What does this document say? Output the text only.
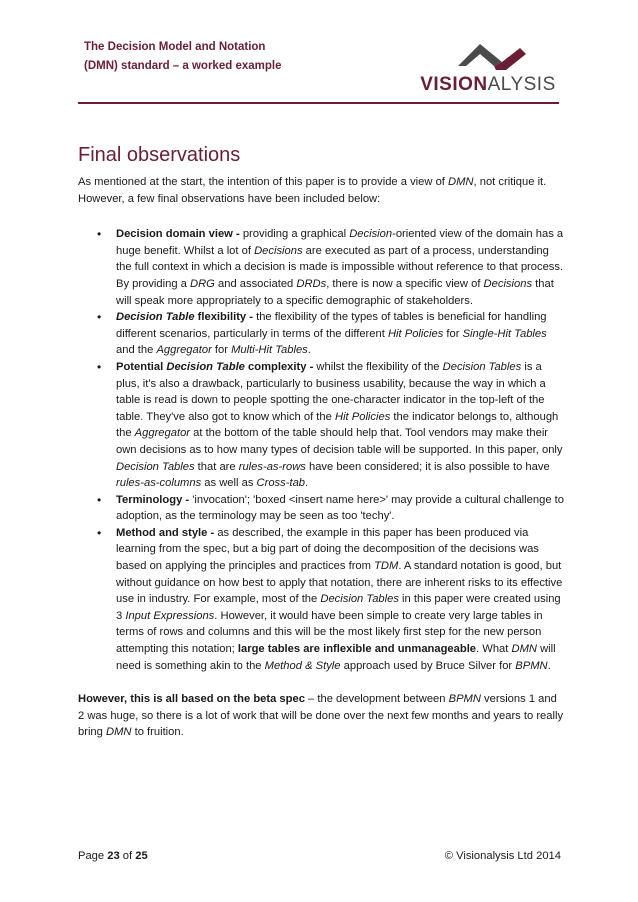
The Decision Model and Notation
(DMN) standard – a worked example
VISIONALYSIS
Final observations

As mentioned at the start, the intention of this paper is to provide a view of DMN, not critique it. However, a few final observations have been included below:

• Decision domain view - providing a graphical Decision-oriented view of the domain has a huge benefit. Whilst a lot of Decisions are executed as part of a process, understanding the full context in which a decision is made is impossible without reference to that process. By providing a DRG and associated DRDs, there is now a specific view of Decisions that will speak more appropriately to a specific demographic of stakeholders.
• Decision Table flexibility - the flexibility of the types of tables is beneficial for handling different scenarios, particularly in terms of the different Hit Policies for Single-Hit Tables and the Aggregator for Multi-Hit Tables.
• Potential Decision Table complexity - whilst the flexibility of the Decision Tables is a plus, it's also a drawback, particularly to business usability, because the way in which a table is read is down to people spotting the one-character indicator in the top-left of the table. They've also got to know which of the Hit Policies the indicator belongs to, although the Aggregator at the bottom of the table should help that. Tool vendors may make their own decisions as to how many types of decision table will be supported. In this paper, only Decision Tables that are rules-as-rows have been considered; it is also possible to have rules-as-columns as well as Cross-tab.
• Terminology - 'invocation'; 'boxed <insert name here>' may provide a cultural challenge to adoption, as the terminology may be seen as too 'techy'.
• Method and style - as described, the example in this paper has been produced via learning from the spec, but a big part of doing the decomposition of the decisions was based on applying the principles and practices from TDM. A standard notation is good, but without guidance on how best to apply that notation, there are inherent risks to its effective use in industry. For example, most of the Decision Tables in this paper were created using 3 Input Expressions. However, it would have been simple to create very large tables in terms of rows and columns and this will be the most likely first step for the new person attempting this notation; large tables are inflexible and unmanageable. What DMN will need is something akin to the Method & Style approach used by Bruce Silver for BPMN.

However, this is all based on the beta spec – the development between BPMN versions 1 and 2 was huge, so there is a lot of work that will be done over the next few months and years to really bring DMN to fruition.

Page 23 of 25	© Visionalysis Ltd 2014
